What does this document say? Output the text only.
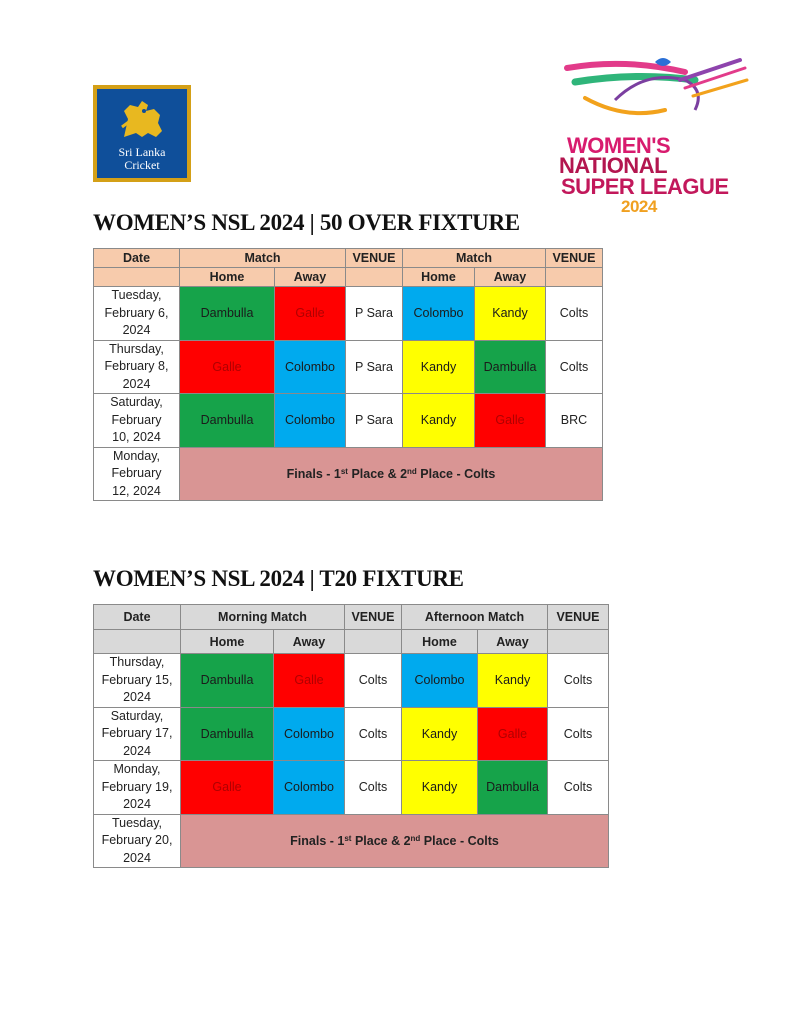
Sri Lanka
Cricket
WOMEN'S
NATIONAL
SUPER LEAGUE
2024
WOMEN’S NSL 2024 | 50 OVER FIXTURE
Date	Match		VENUE	Match		VENUE
	Home	Away		Home	Away	
Tuesday,
February 6,
2024	Dambulla	Galle	P Sara	Colombo	Kandy	Colts
Thursday,
February 8,
2024	Galle	Colombo	P Sara	Kandy	Dambulla	Colts
Saturday,
February
10, 2024	Dambulla	Colombo	P Sara	Kandy	Galle	BRC
Monday,
February
12, 2024	Finals - 1st Place & 2nd Place - Colts					
WOMEN’S NSL 2024 | T20 FIXTURE
Date	Morning Match		VENUE	Afternoon Match		VENUE
	Home	Away		Home	Away	
Thursday,
February 15,
2024	Dambulla	Galle	Colts	Colombo	Kandy	Colts
Saturday,
February 17,
2024	Dambulla	Colombo	Colts	Kandy	Galle	Colts
Monday,
February 19,
2024	Galle	Colombo	Colts	Kandy	Dambulla	Colts
Tuesday,
February 20,
2024	Finals - 1st Place & 2nd Place - Colts					
